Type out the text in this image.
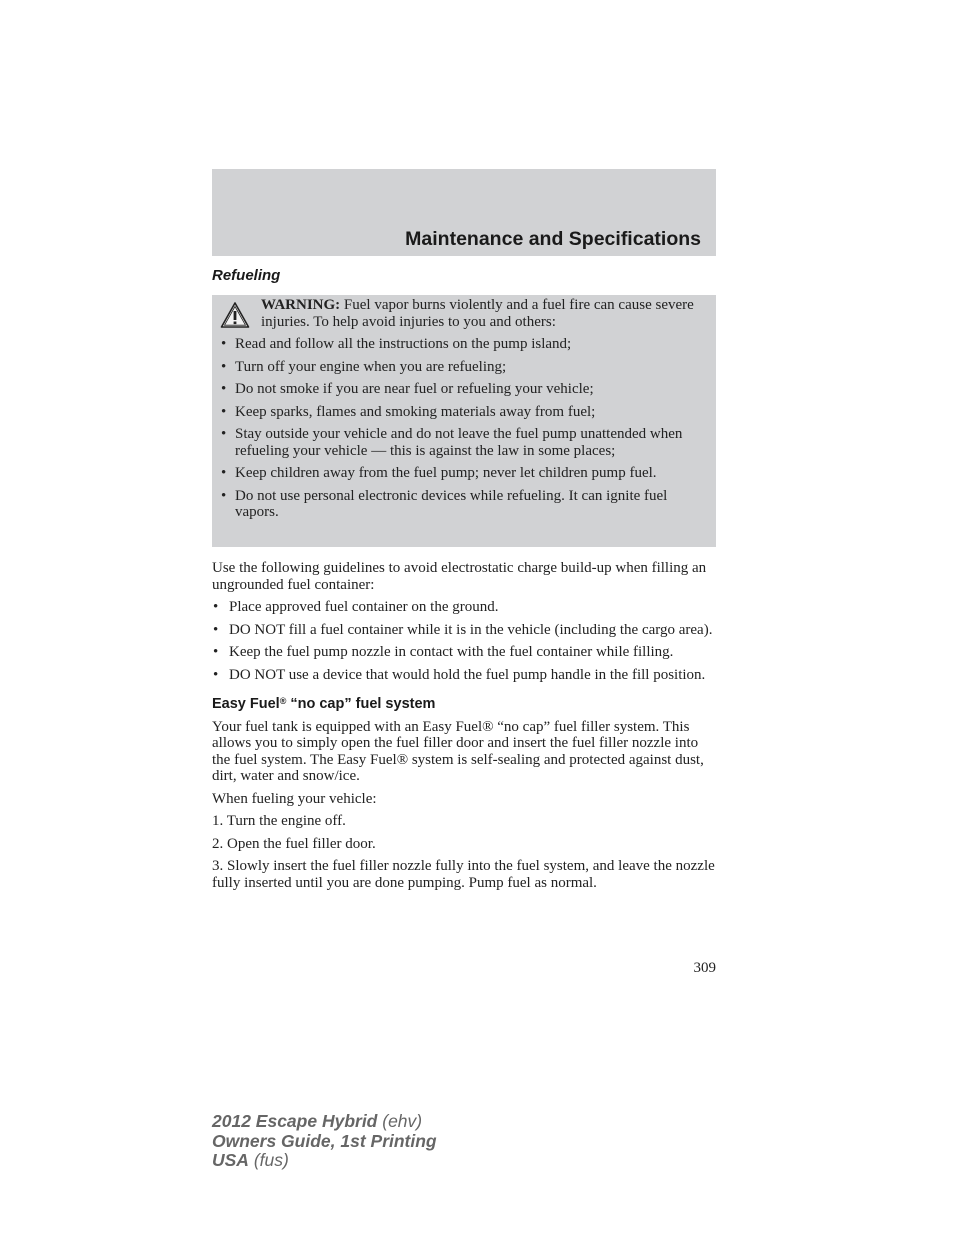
Maintenance and Specifications
Refueling
WARNING: Fuel vapor burns violently and a fuel fire can cause severe injuries. To help avoid injuries to you and others:
• Read and follow all the instructions on the pump island;
• Turn off your engine when you are refueling;
• Do not smoke if you are near fuel or refueling your vehicle;
• Keep sparks, flames and smoking materials away from fuel;
• Stay outside your vehicle and do not leave the fuel pump unattended when refueling your vehicle — this is against the law in some places;
• Keep children away from the fuel pump; never let children pump fuel.
• Do not use personal electronic devices while refueling. It can ignite fuel vapors.

Use the following guidelines to avoid electrostatic charge build-up when filling an ungrounded fuel container:

• Place approved fuel container on the ground.
• DO NOT fill a fuel container while it is in the vehicle (including the cargo area).
• Keep the fuel pump nozzle in contact with the fuel container while filling.
• DO NOT use a device that would hold the fuel pump handle in the fill position.
Easy Fuel® “no cap” fuel system

Your fuel tank is equipped with an Easy Fuel® “no cap” fuel filler system. This allows you to simply open the fuel filler door and insert the fuel filler nozzle into the fuel system. The Easy Fuel® system is self-sealing and protected against dust, dirt, water and snow/ice.

When fueling your vehicle:

1. Turn the engine off.

2. Open the fuel filler door.

3. Slowly insert the fuel filler nozzle fully into the fuel system, and leave the nozzle fully inserted until you are done pumping. Pump fuel as normal.

309
2012 Escape Hybrid (ehv)
Owners Guide, 1st Printing
USA (fus)
